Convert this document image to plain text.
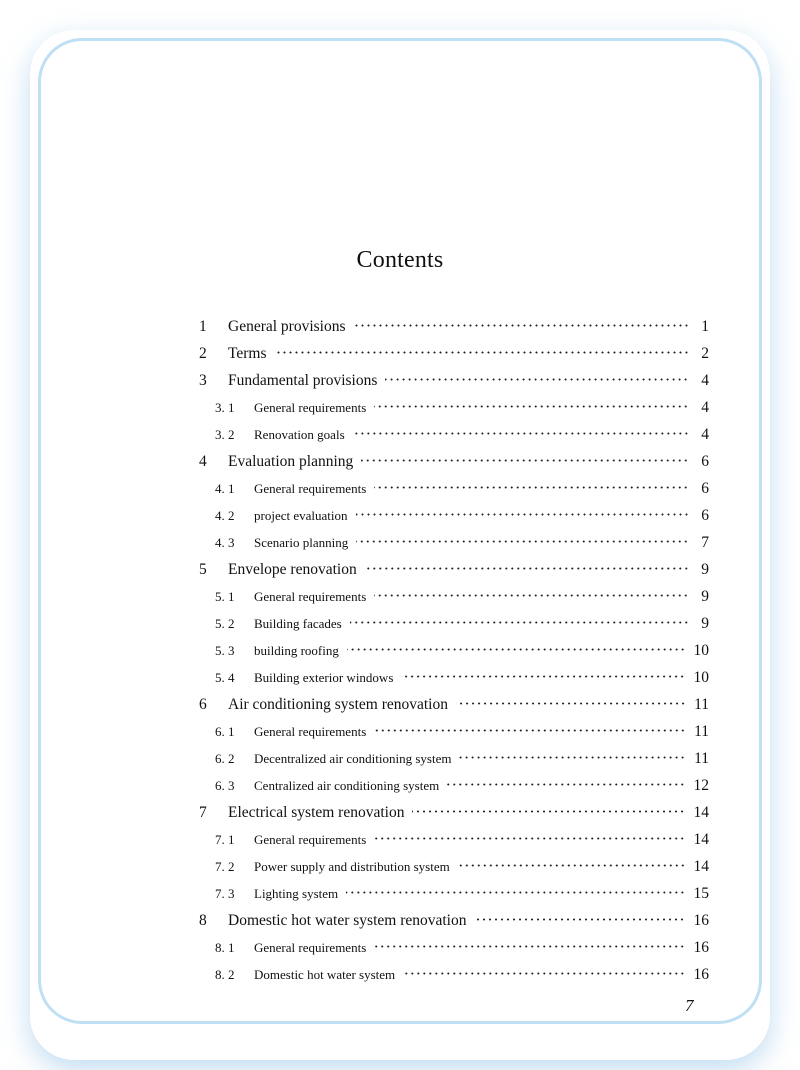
Contents
1	General provisions	1
2	Terms	2
3	Fundamental provisions	4
3. 1	General requirements	4
3. 2	Renovation goals	4
4	Evaluation planning	6
4. 1	General requirements	6
4. 2	project evaluation	6
4. 3	Scenario planning	7
5	Envelope renovation	9
5. 1	General requirements	9
5. 2	Building facades	9
5. 3	building roofing	10
5. 4	Building exterior windows	10
6	Air conditioning system renovation	11
6. 1	General requirements	11
6. 2	Decentralized air conditioning system	11
6. 3	Centralized air conditioning system	12
7	Electrical system renovation	14
7. 1	General requirements	14
7. 2	Power supply and distribution system	14
7. 3	Lighting system	15
8	Domestic hot water system renovation	16
8. 1	General requirements	16
8. 2	Domestic hot water system	16
7
